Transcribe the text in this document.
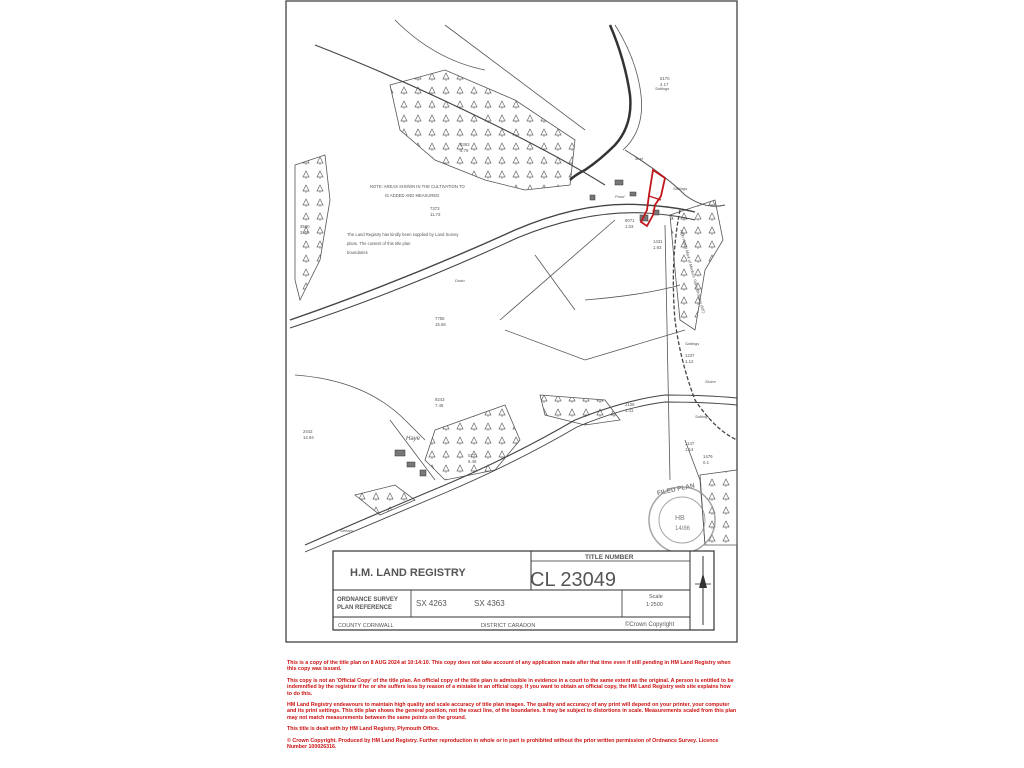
NOTE: AREAS SHOWN IN THE CULTIVATION TO
IS ADDED AND MEASURED
The Land Registry has kindly been supplied by Land Survey
plans. The content of this title plan
boundaries
Haye
Saltings
Saltings
Saltings
Saltings
Pond
Mud
Drain
Stream
Sluice
High Water Mark of Medium Tides Ordinary (MT)
3580
3.77
0363
3.79
7373
11.73
7755
15.66
9243
7.45
2442
14.94
0171
6.46
1431
1.93
9071
1.03
2126
1.31
1147
1.14
1479
0.1
1237
1.12
6170
4.17
FILED PLAN
HB
14/86
H.M. LAND REGISTRY
TITLE NUMBER
CL 23049
ORDNANCE SURVEY
PLAN REFERENCE	SX 4263	SX 4363
Scale
1:2500
COUNTY CORNWALL	DISTRICT CARADON	©Crown Copyright

This is a copy of the title plan on 8 AUG 2024 at 10:14:10. This copy does not take account of any application made after that time even if still pending in HM Land Registry when this copy was issued.

This copy is not an 'Official Copy' of the title plan. An official copy of the title plan is admissible in evidence in a court to the same extent as the original. A person is entitled to be indemnified by the registrar if he or she suffers loss by reason of a mistake in an official copy. If you want to obtain an official copy, the HM Land Registry web site explains how to do this.

HM Land Registry endeavours to maintain high quality and scale accuracy of title plan images. The quality and accuracy of any print will depend on your printer, your computer and its print settings. This title plan shows the general position, not the exact line, of the boundaries. It may be subject to distortions in scale. Measurements scaled from this plan may not match measurements between the same points on the ground.

This title is dealt with by HM Land Registry, Plymouth Office.

© Crown Copyright. Produced by HM Land Registry. Further reproduction in whole or in part is prohibited without the prior written permission of Ordnance Survey. Licence Number 100026316.
